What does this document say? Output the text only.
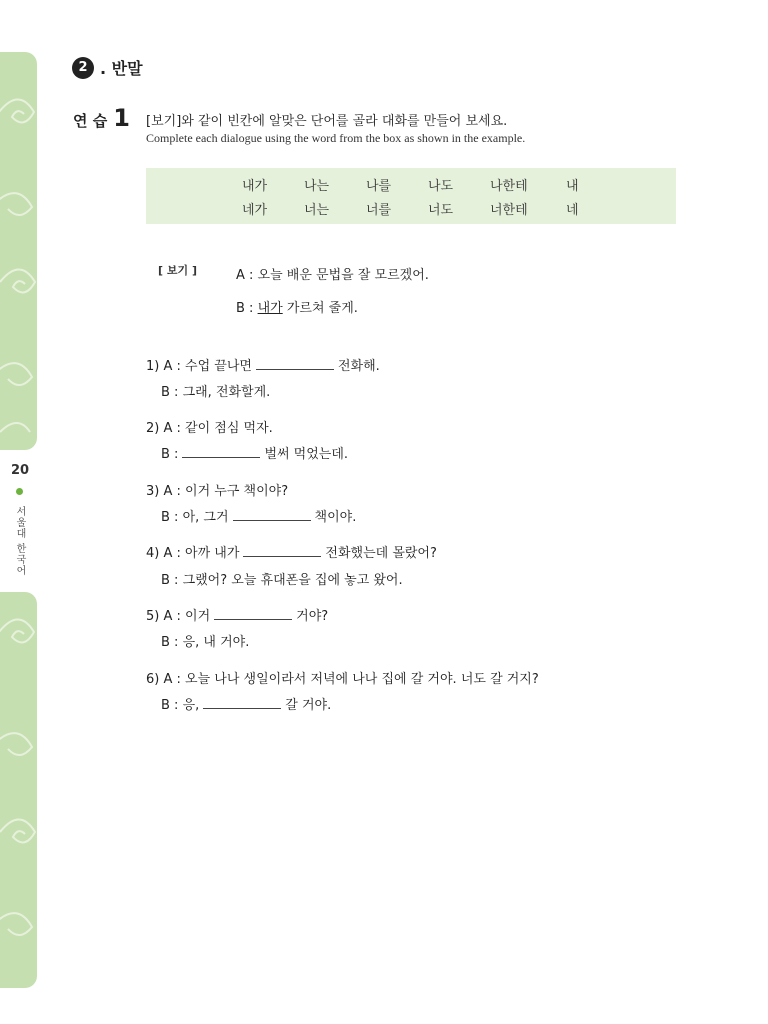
20
서울대 한국어
2 . 반말
연 습 1 [보기]와 같이 빈칸에 알맞은 단어를 골라 대화를 만들어 보세요.
Complete each dialogue using the word from the box as shown in the example.
내가	나는	나를	나도	나한테	내
네가	너는	너를	너도	너한테	네
[ 보기 ]	A : 오늘 배운 문법을 잘 모르겠어.
B : 내가 가르쳐 줄게.
1) A : 수업 끝나면	전화해.
B : 그래, 전화할게.
2) A : 같이 점심 먹자.
B :	벌써 먹었는데.
3) A : 이거 누구 책이야?
B : 아, 그거	책이야.
4) A : 아까 내가	전화했는데 몰랐어?
B : 그랬어? 오늘 휴대폰을 집에 놓고 왔어.
5) A : 이거	거야?
B : 응, 내 거야.
6) A : 오늘 나나 생일이라서 저녁에 나나 집에 갈 거야. 너도 갈 거지?
B : 응,	갈 거야.
